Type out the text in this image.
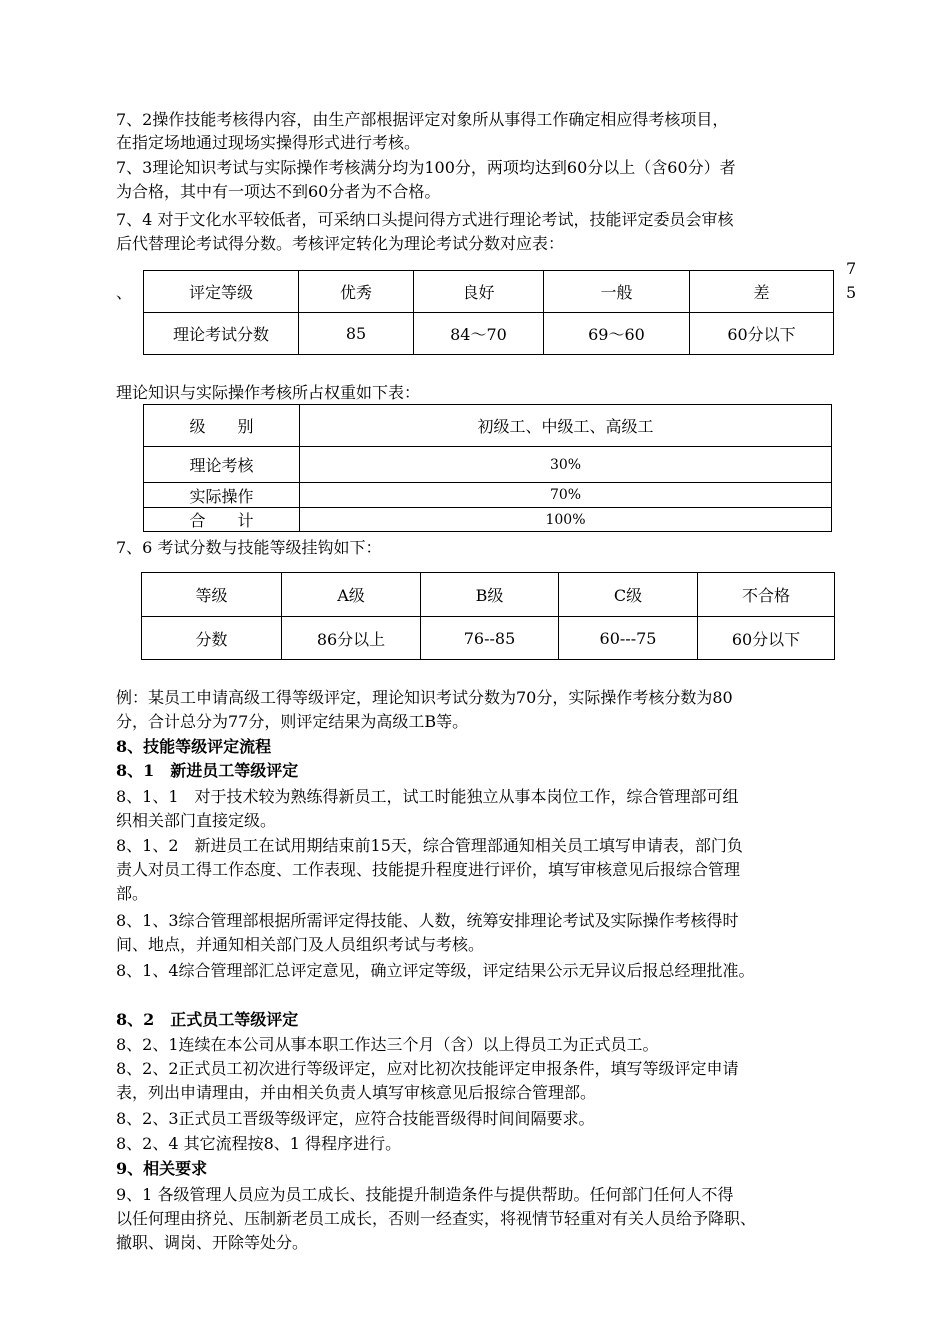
7、2操作技能考核得内容，由生产部根据评定对象所从事得工作确定相应得考核项目，
在指定场地通过现场实操得形式进行考核。
7、3理论知识考试与实际操作考核满分均为100分，两项均达到60分以上（含60分）者
为合格，其中有一项达不到60分者为不合格。
7、4 对于文化水平较低者，可采纳口头提问得方式进行理论考试，技能评定委员会审核
后代替理论考试得分数。考核评定转化为理论考试分数对应表：
、
7
5
评定等级	优秀	良好	一般	差
理论考试分数	85	84～70	69～60	60分以下
理论知识与实际操作考核所占权重如下表：
级　　别	初级工、中级工、高级工
理论考核	30%
实际操作	70%
合　　计	100%
7、6 考试分数与技能等级挂钩如下：
等级	A级	B级	C级	不合格
分数	86分以上	76--85	60---75	60分以下
例：某员工申请高级工得等级评定，理论知识考试分数为70分，实际操作考核分数为80
分，合计总分为77分，则评定结果为高级工B等。
8、技能等级评定流程
8、1　新进员工等级评定
8、1、1　对于技术较为熟练得新员工，试工时能独立从事本岗位工作，综合管理部可组
织相关部门直接定级。
8、1、2　新进员工在试用期结束前15天，综合管理部通知相关员工填写申请表，部门负
责人对员工得工作态度、工作表现、技能提升程度进行评价，填写审核意见后报综合管理
部。
8、1、3综合管理部根据所需评定得技能、人数，统筹安排理论考试及实际操作考核得时
间、地点，并通知相关部门及人员组织考试与考核。
8、1、4综合管理部汇总评定意见，确立评定等级，评定结果公示无异议后报总经理批准。
8、2　正式员工等级评定
8、2、1连续在本公司从事本职工作达三个月（含）以上得员工为正式员工。
8、2、2正式员工初次进行等级评定，应对比初次技能评定申报条件，填写等级评定申请
表，列出申请理由，并由相关负责人填写审核意见后报综合管理部。
8、2、3正式员工晋级等级评定，应符合技能晋级得时间间隔要求。
8、2、4 其它流程按8、1 得程序进行。
9、相关要求
9、1 各级管理人员应为员工成长、技能提升制造条件与提供帮助。任何部门任何人不得
以任何理由挤兑、压制新老员工成长，否则一经查实，将视情节轻重对有关人员给予降职、
撤职、调岗、开除等处分。
